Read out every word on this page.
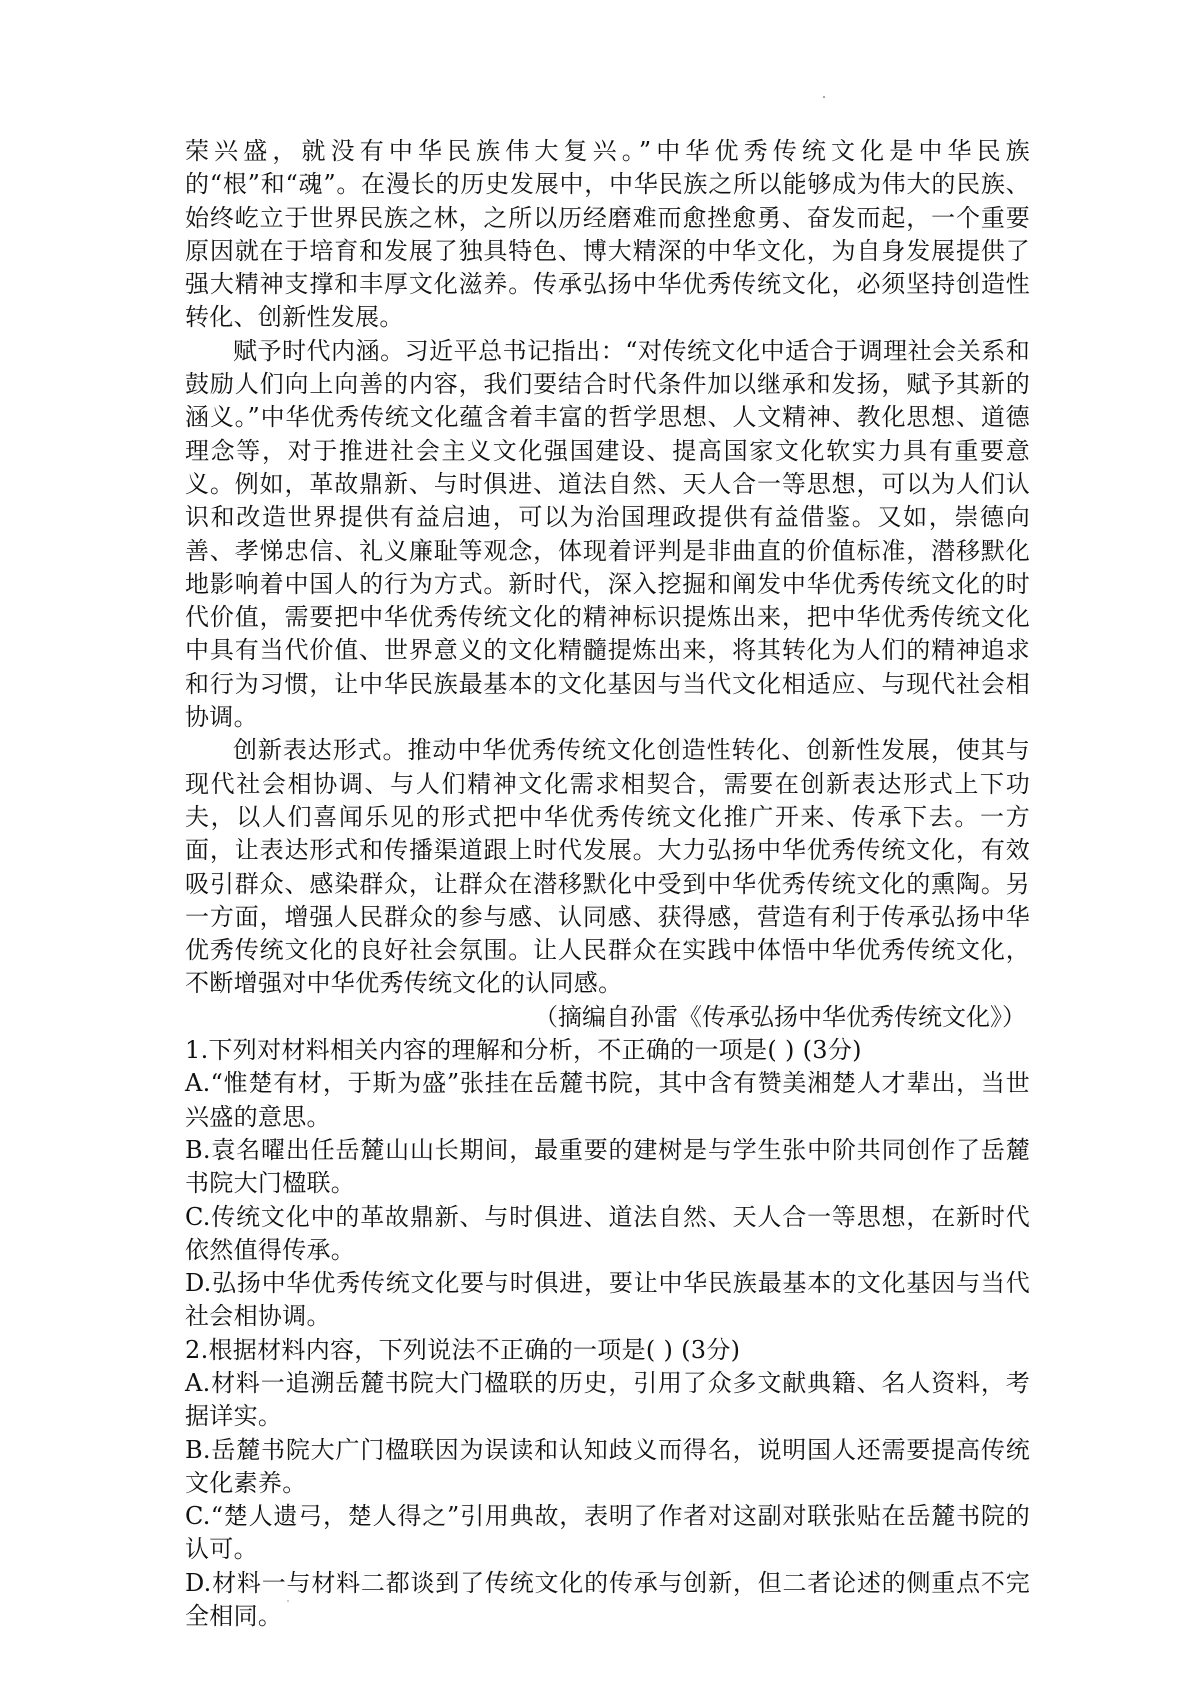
荣兴盛，就没有中华民族伟大复兴。”中华优秀传统文化是中华民族的“根”和“魂”。在漫长的历史发展中，中华民族之所以能够成为伟大的民族、始终屹立于世界民族之林，之所以历经磨难而愈挫愈勇、奋发而起，一个重要原因就在于培育和发展了独具特色、博大精深的中华文化，为自身发展提供了强大精神支撑和丰厚文化滋养。传承弘扬中华优秀传统文化，必须坚持创造性转化、创新性发展。

赋予时代内涵。习近平总书记指出：“对传统文化中适合于调理社会关系和鼓励人们向上向善的内容，我们要结合时代条件加以继承和发扬，赋予其新的涵义。”中华优秀传统文化蕴含着丰富的哲学思想、人文精神、教化思想、道德理念等，对于推进社会主义文化强国建设、提高国家文化软实力具有重要意义。例如，革故鼎新、与时俱进、道法自然、天人合一等思想，可以为人们认识和改造世界提供有益启迪，可以为治国理政提供有益借鉴。又如，崇德向善、孝悌忠信、礼义廉耻等观念，体现着评判是非曲直的价值标准，潜移默化地影响着中国人的行为方式。新时代，深入挖掘和阐发中华优秀传统文化的时代价值，需要把中华优秀传统文化的精神标识提炼出来，把中华优秀传统文化中具有当代价值、世界意义的文化精髓提炼出来，将其转化为人们的精神追求和行为习惯，让中华民族最基本的文化基因与当代文化相适应、与现代社会相协调。

创新表达形式。推动中华优秀传统文化创造性转化、创新性发展，使其与现代社会相协调、与人们精神文化需求相契合，需要在创新表达形式上下功夫，以人们喜闻乐见的形式把中华优秀传统文化推广开来、传承下去。一方面，让表达形式和传播渠道跟上时代发展。大力弘扬中华优秀传统文化，有效吸引群众、感染群众，让群众在潜移默化中受到中华优秀传统文化的熏陶。另一方面，增强人民群众的参与感、认同感、获得感，营造有利于传承弘扬中华优秀传统文化的良好社会氛围。让人民群众在实践中体悟中华优秀传统文化，不断增强对中华优秀传统文化的认同感。

（摘编自孙雷《传承弘扬中华优秀传统文化》）

1.下列对材料相关内容的理解和分析，不正确的一项是( ) (3分)

A.“惟楚有材，于斯为盛”张挂在岳麓书院，其中含有赞美湘楚人才辈出，当世兴盛的意思。

B.袁名曜出任岳麓山山长期间，最重要的建树是与学生张中阶共同创作了岳麓书院大门楹联。

C.传统文化中的革故鼎新、与时俱进、道法自然、天人合一等思想，在新时代依然值得传承。

D.弘扬中华优秀传统文化要与时俱进，要让中华民族最基本的文化基因与当代社会相协调。

2.根据材料内容，下列说法不正确的一项是( ) (3分)

A.材料一追溯岳麓书院大门楹联的历史，引用了众多文献典籍、名人资料，考据详实。

B.岳麓书院大广门楹联因为误读和认知歧义而得名，说明国人还需要提高传统文化素养。

C.“楚人遗弓，楚人得之”引用典故，表明了作者对这副对联张贴在岳麓书院的认可。

D.材料一与材料二都谈到了传统文化的传承与创新，但二者论述的侧重点不完全相同。
